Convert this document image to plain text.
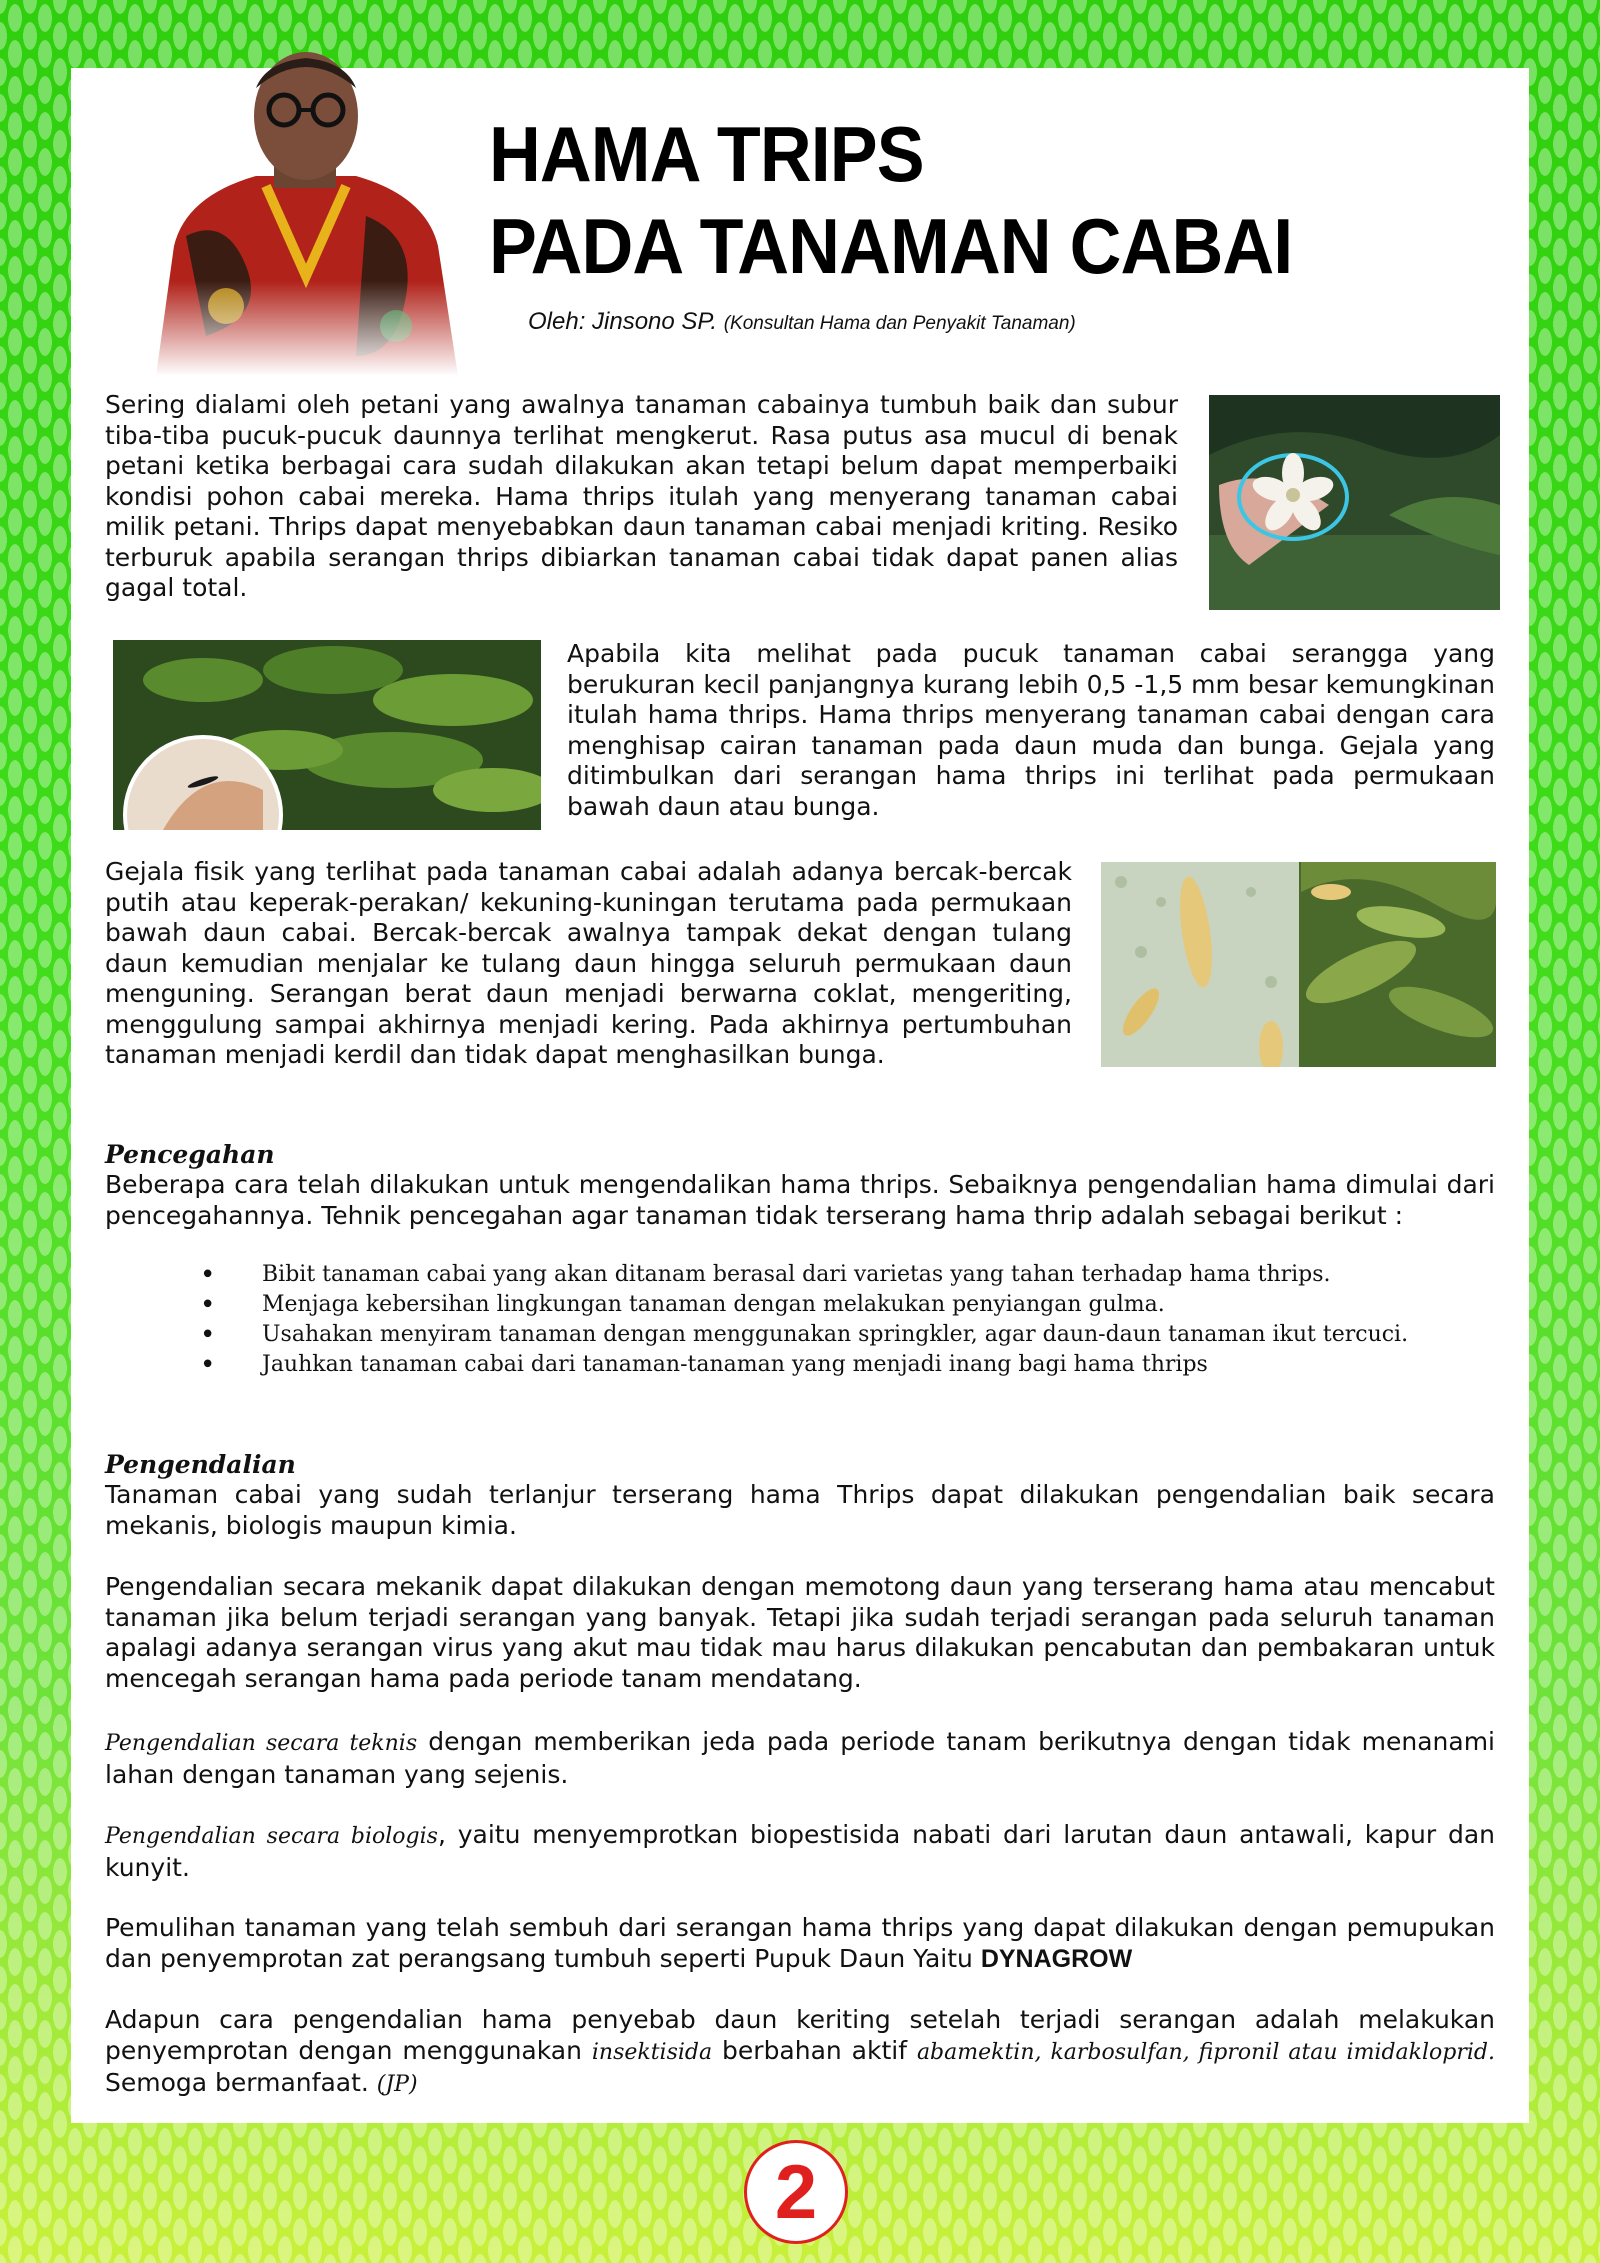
HAMA TRIPS
PADA TANAMAN CABAI
Oleh: Jinsono SP. (Konsultan Hama dan Penyakit Tanaman)

Sering dialami oleh petani yang awalnya tanaman cabainya tumbuh baik dan subur tiba-tiba pucuk-pucuk daunnya terlihat mengkerut. Rasa putus asa mucul di benak petani ketika berbagai cara sudah dilakukan akan tetapi belum dapat memperbaiki kondisi pohon cabai mereka. Hama thrips itulah yang menyerang tanaman cabai milik petani. Thrips dapat menyebabkan daun tanaman cabai menjadi kriting. Resiko terburuk apabila serangan thrips dibiarkan tanaman cabai tidak dapat panen alias gagal total.

Apabila kita melihat pada pucuk tanaman cabai serangga yang berukuran kecil panjangnya kurang lebih 0,5 -1,5 mm besar kemungkinan itulah hama thrips. Hama thrips menyerang tanaman cabai dengan cara menghisap cairan tanaman pada daun muda dan bunga. Gejala yang ditimbulkan dari serangan hama thrips ini terlihat pada permukaan bawah daun atau bunga.

Gejala fisik yang terlihat pada tanaman cabai adalah adanya bercak-bercak putih atau keperak-perakan/ kekuning-kuningan terutama pada permukaan bawah daun cabai. Bercak-bercak awalnya tampak dekat dengan tulang daun kemudian menjalar ke tulang daun hingga seluruh permukaan daun menguning. Serangan berat daun menjadi berwarna coklat, mengeriting, menggulung sampai akhirnya menjadi kering. Pada akhirnya pertumbuhan tanaman menjadi kerdil dan tidak dapat menghasilkan bunga.

Pencegahan

Beberapa cara telah dilakukan untuk mengendalikan hama thrips. Sebaiknya pengendalian hama dimulai dari pencegahannya. Tehnik pencegahan agar tanaman tidak terserang hama thrip adalah sebagai berikut :

• Bibit tanaman cabai yang akan ditanam berasal dari varietas yang tahan terhadap hama thrips.
• Menjaga kebersihan lingkungan tanaman dengan melakukan penyiangan gulma.
• Usahakan menyiram tanaman dengan menggunakan springkler, agar daun-daun tanaman ikut tercuci.
• Jauhkan tanaman cabai dari tanaman-tanaman yang menjadi inang bagi hama thrips
Pengendalian

Tanaman cabai yang sudah terlanjur terserang hama Thrips dapat dilakukan pengendalian baik secara mekanis, biologis maupun kimia.

Pengendalian secara mekanik dapat dilakukan dengan memotong daun yang terserang hama atau mencabut tanaman jika belum terjadi serangan yang banyak. Tetapi jika sudah terjadi serangan pada seluruh tanaman apalagi adanya serangan virus yang akut mau tidak mau harus dilakukan pencabutan dan pembakaran untuk mencegah serangan hama pada periode tanam mendatang.

Pengendalian secara teknis dengan memberikan jeda pada periode tanam berikutnya dengan tidak menanami lahan dengan tanaman yang sejenis.

Pengendalian secara biologis, yaitu menyemprotkan biopestisida nabati dari larutan daun antawali, kapur dan kunyit.

Pemulihan tanaman yang telah sembuh dari serangan hama thrips yang dapat dilakukan dengan pemupukan dan penyemprotan zat perangsang tumbuh seperti Pupuk Daun Yaitu DYNAGROW

Adapun cara pengendalian hama penyebab daun keriting setelah terjadi serangan adalah melakukan penyemprotan dengan menggunakan insektisida berbahan aktif abamektin, karbosulfan, fipronil atau imidakloprid. Semoga bermanfaat. (JP)

2
